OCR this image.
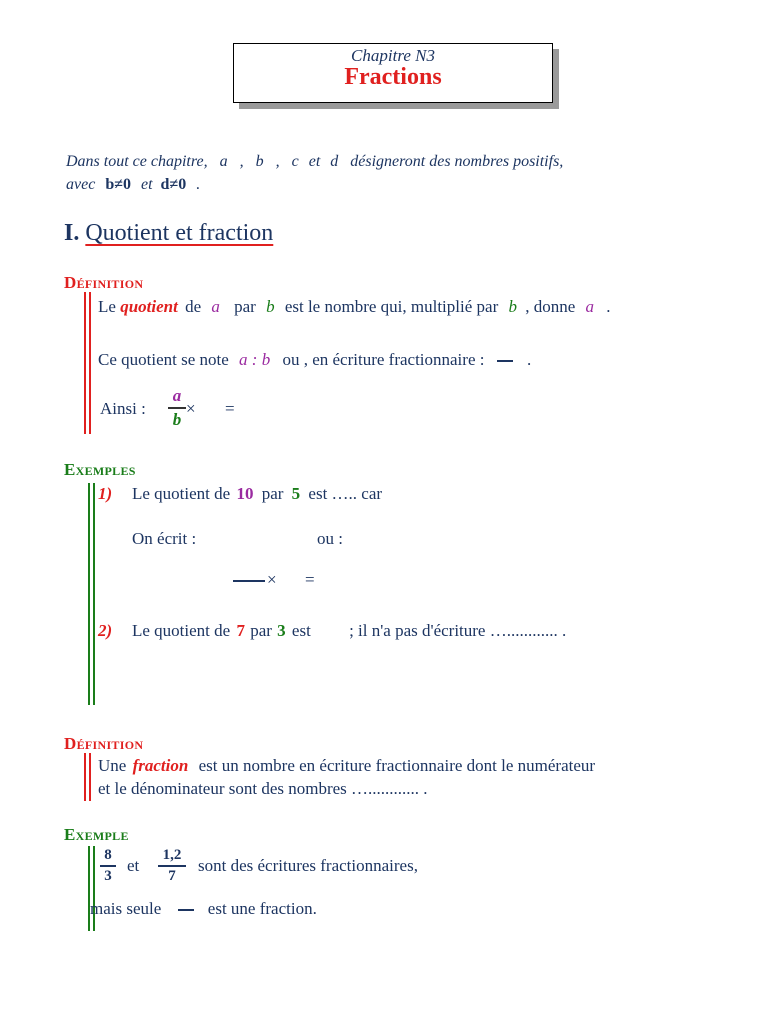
Chapitre N3
Fractions
Dans tout ce chapitre, a , b , c et d désigneront des nombres positifs,
avec b≠0 et d≠0 .
I. Quotient et fraction
Définition
Le quotient de a par b est le nombre qui, multiplié par b , donne a .
Ce quotient se note a : b ou , en écriture fractionnaire :	.
Ainsi :
a
b
× =
Exemples
1) Le quotient de 10 par 5 est ….. car
On écrit :	ou :
× =
2) Le quotient de 7 par 3 est ; il n'a pas d'écriture …............ .
Définition
Une fraction est un nombre en écriture fractionnaire dont le numérateur
et le dénominateur sont des nombres …............ .
Exemple
8
3
et
1,2
7
sont des écritures fractionnaires,
mais seule	est une fraction.
